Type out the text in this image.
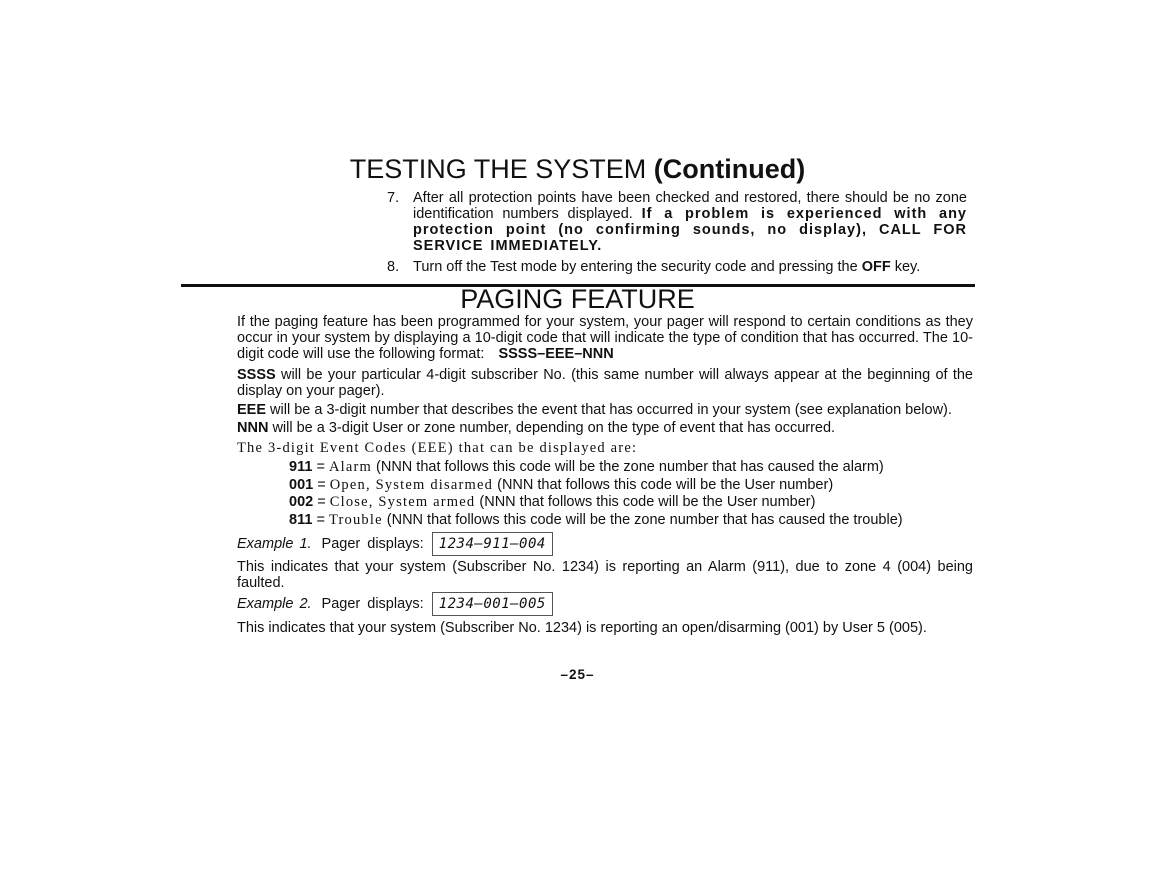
TESTING THE SYSTEM (Continued)

7. After all protection points have been checked and restored, there should be no zone identification numbers displayed. If a problem is experienced with any protection point (no confirming sounds, no display), CALL FOR SERVICE IMMEDIATELY.

8. Turn off the Test mode by entering the security code and pressing the OFF key.

PAGING FEATURE
If the paging feature has been programmed for your system, your pager will respond to certain conditions as they occur in your system by displaying a 10-digit code that will indicate the type of condition that has occurred. The 10-digit code will use the following format: SSSS–EEE–NNN
SSSS will be your particular 4-digit subscriber No. (this same number will always appear at the beginning of the display on your pager).
EEE will be a 3-digit number that describes the event that has occurred in your system (see explanation below).
NNN will be a 3-digit User or zone number, depending on the type of event that has occurred.
The 3-digit Event Codes (EEE) that can be displayed are:
911 = Alarm (NNN that follows this code will be the zone number that has caused the alarm)
001 = Open, System disarmed (NNN that follows this code will be the User number)
002 = Close, System armed (NNN that follows this code will be the User number)
811 = Trouble (NNN that follows this code will be the zone number that has caused the trouble)
Example 1. Pager displays:	1234—911—004
This indicates that your system (Subscriber No. 1234) is reporting an Alarm (911), due to zone 4 (004) being faulted.
Example 2. Pager displays:	1234—001—005
This indicates that your system (Subscriber No. 1234) is reporting an open/disarming (001) by User 5 (005).
–25–
